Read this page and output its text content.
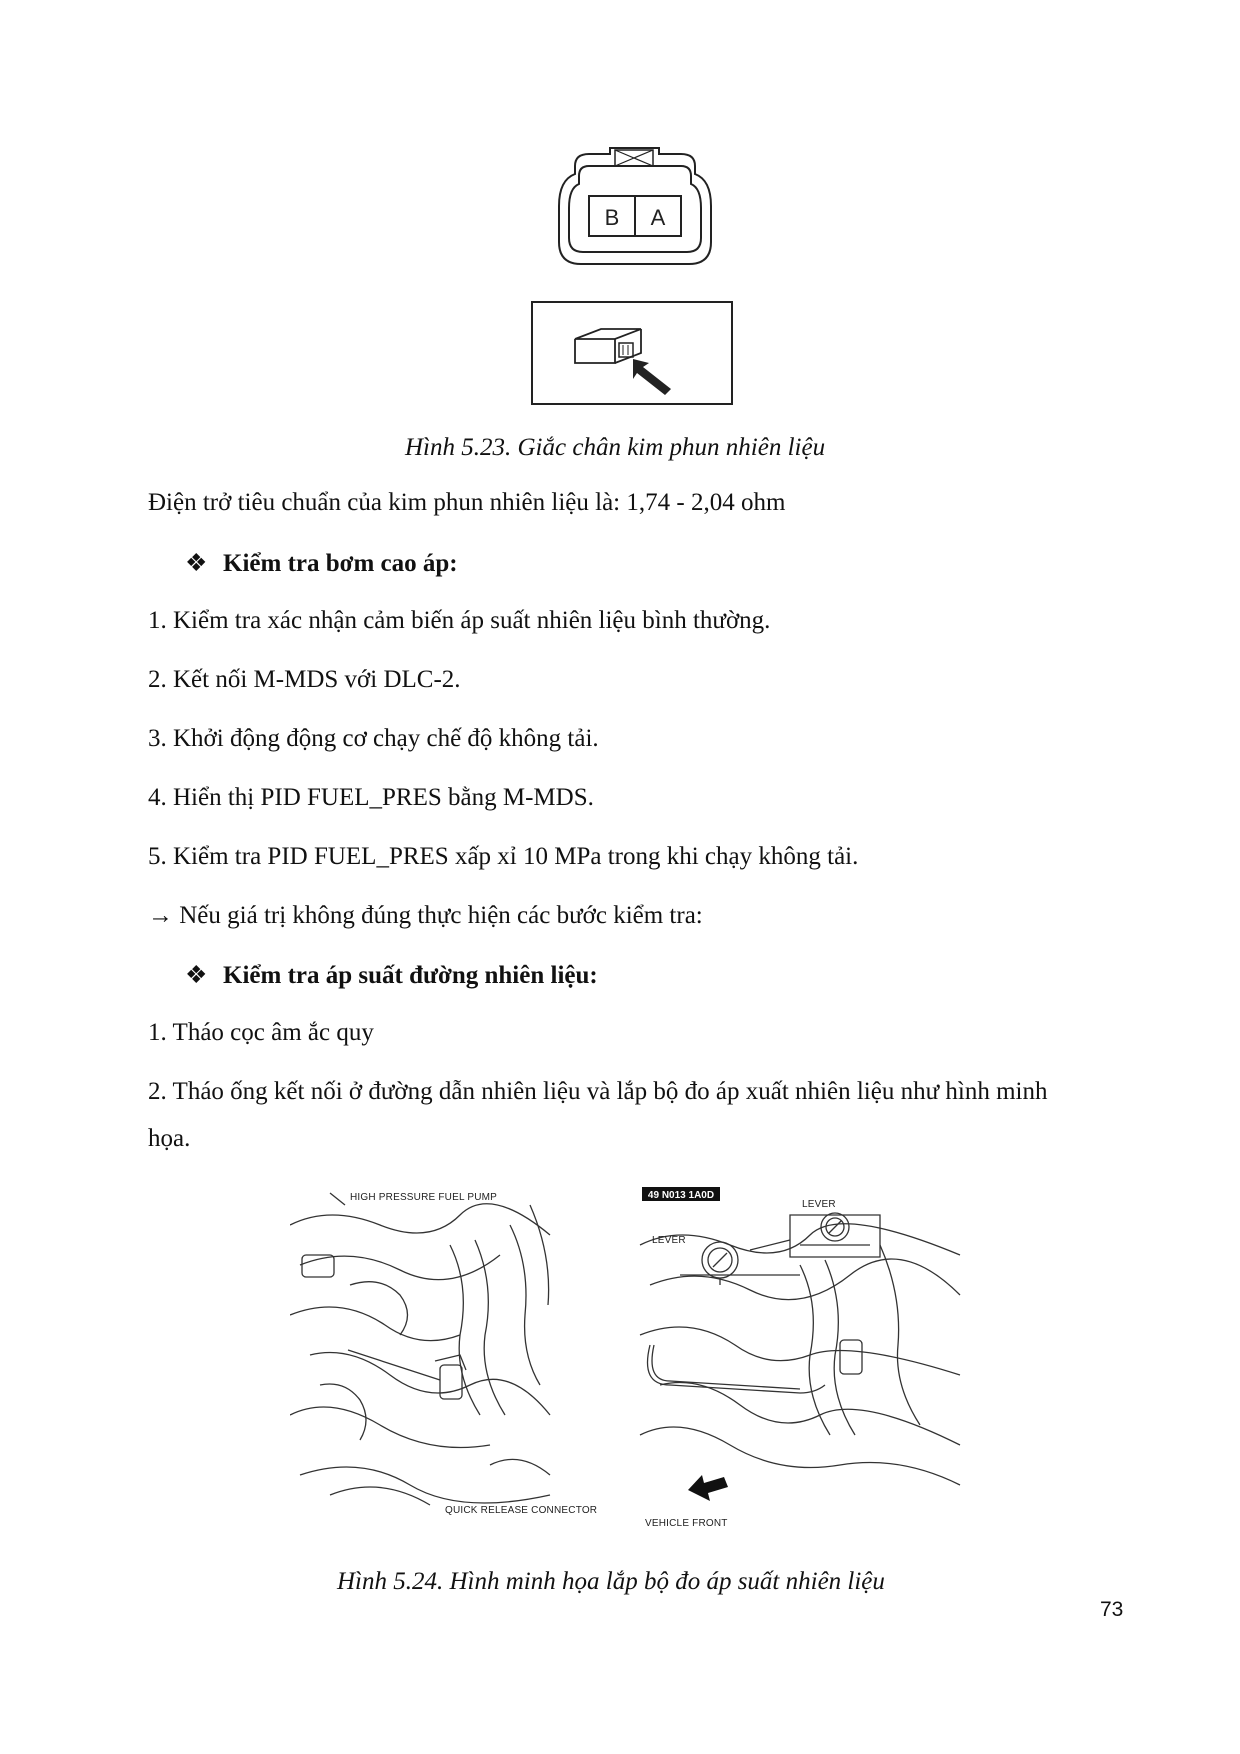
B A
Hình 5.23. Giắc chân kim phun nhiên liệu
Điện trở tiêu chuẩn của kim phun nhiên liệu là: 1,74 - 2,04 ohm
❖ Kiểm tra bơm cao áp:
1. Kiểm tra xác nhận cảm biến áp suất nhiên liệu bình thường.
2. Kết nối M-MDS với DLC-2.
3. Khởi động động cơ chạy chế độ không tải.
4. Hiển thị PID FUEL_PRES bằng M-MDS.
5. Kiểm tra PID FUEL_PRES xấp xỉ 10 MPa trong khi chạy không tải.
→ Nếu giá trị không đúng thực hiện các bước kiểm tra:
❖ Kiểm tra áp suất đường nhiên liệu:
1. Tháo cọc âm ắc quy
2. Tháo ống kết nối ở đường dẫn nhiên liệu và lắp bộ đo áp xuất nhiên liệu như hình minh
họa.
HIGH PRESSURE FUEL PUMP
QUICK RELEASE CONNECTOR
49 N013 1A0D
LEVER
LEVER
VEHICLE FRONT
Hình 5.24. Hình minh họa lắp bộ đo áp suất nhiên liệu
73
